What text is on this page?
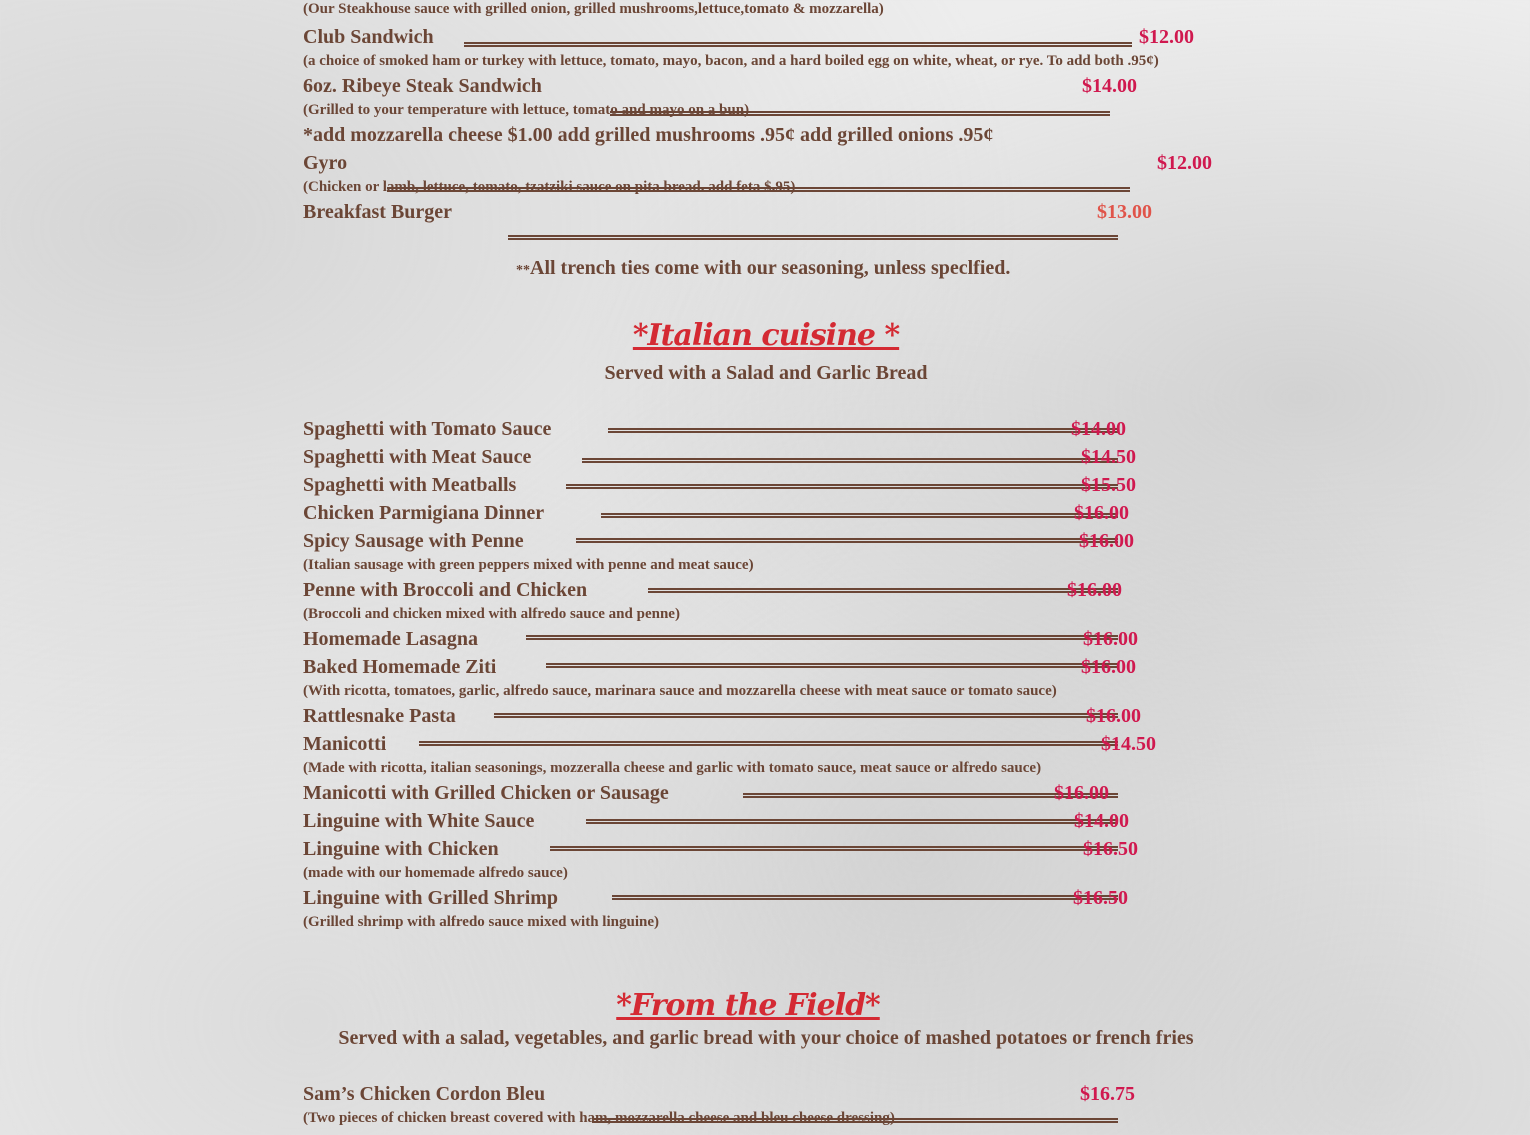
(Our Steakhouse sauce with grilled onion, grilled mushrooms,lettuce,tomato & mozzarella)
Club Sandwich	$12.00
(a choice of smoked ham or turkey with lettuce, tomato, mayo, bacon, and a hard boiled egg on white, wheat, or rye. To add both .95¢)
6oz. Ribeye Steak Sandwich	$14.00
(Grilled to your temperature with lettuce, tomato and mayo on a bun)
*add mozzarella cheese $1.00 add grilled mushrooms .95¢ add grilled onions .95¢
Gyro	$12.00
(Chicken or lamb, lettuce, tomato, tzatziki sauce on pita bread. add feta $.95)
Breakfast Burger	$13.00
**All trench ties come with our seasoning, unless speclfied.
*Italian cuisine *
Served with a Salad and Garlic Bread
Spaghetti with Tomato Sauce	$14.00
Spaghetti with Meat Sauce	$14.50
Spaghetti with Meatballs	$15.50
Chicken Parmigiana Dinner	$16.00
Spicy Sausage with Penne	$16.00
(Italian sausage with green peppers mixed with penne and meat sauce)
Penne with Broccoli and Chicken	$16.00
(Broccoli and chicken mixed with alfredo sauce and penne)
Homemade Lasagna	$16.00
Baked Homemade Ziti	$16.00
(With ricotta, tomatoes, garlic, alfredo sauce, marinara sauce and mozzarella cheese with meat sauce or tomato sauce)
Rattlesnake Pasta	$16.00
Manicotti	$14.50
(Made with ricotta, italian seasonings, mozzeralla cheese and garlic with tomato sauce, meat sauce or alfredo sauce)
Manicotti with Grilled Chicken or Sausage	$16.00
Linguine with White Sauce	$14.00
Linguine with Chicken	$16.50
(made with our homemade alfredo sauce)
Linguine with Grilled Shrimp	$16.50
(Grilled shrimp with alfredo sauce mixed with linguine)
*From the Field*
Served with a salad, vegetables, and garlic bread with your choice of mashed potatoes or french fries
Sam’s Chicken Cordon Bleu	$16.75
(Two pieces of chicken breast covered with ham, mozzarella cheese and bleu cheese dressing)
